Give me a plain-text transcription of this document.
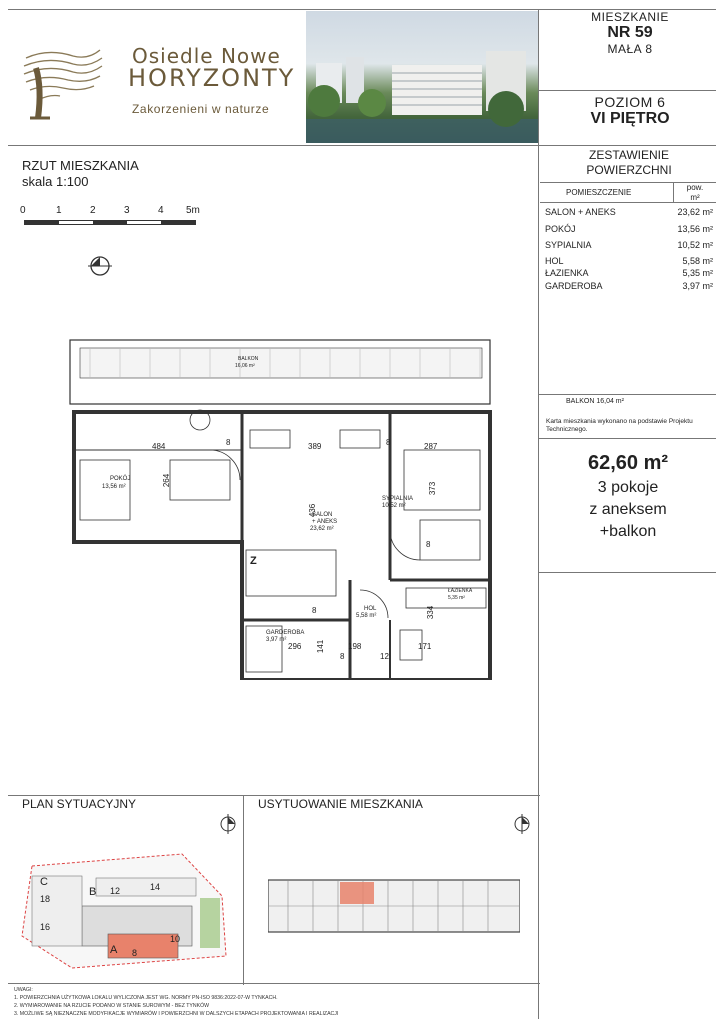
Osiedle Nowe
HORYZONTY
Zakorzenieni w naturze
MIESZKANIE
NR 59
MAŁA 8
POZIOM 6
VI PIĘTRO
ZESTAWIENIE
POWIERZCHNI
POMIESZCZENIE
pow.
m²
SALON + ANEKS	23,62 m²
POKÓJ	13,56 m²
SYPIALNIA	10,52 m²
HOL	5,58 m²
ŁAZIENKA	5,35 m²
GARDEROBA	3,97 m²
BALKON 16,04 m²
Karta mieszkania wykonano na podstawie Projektu Technicznego.
62,60 m²
3 pokoje
z aneksem
+balkon
RZUT MIESZKANIA
skala 1:100
0	1	2	3	4 5m
BALKON
16,06 m²
POKÓJ
13,56 m²
SALON
+ ANEKS
23,62 m²
SYPIALNIA
10,52 m²
ŁAZIENKA
5,35 m²
HOL
5,58 m²
GARDEROBA
3,97 m²
Z
484	389	287
264
436
373
296 141	198	171
334
8	8
8
8
8	12
PLAN SYTUACYJNY
A
B
C
8
10
12	14
16
18
USYTUOWANIE MIESZKANIA
UWAGI:
1. POWIERZCHNIA UŻYTKOWA LOKALU WYLICZONA JEST WG. NORMY PN-ISO 9836:2022-07-W TYNKACH.
2. WYMIAROWANIE NA RZUCIE PODANO W STANIE SUROWYM - BEZ TYNKÓW
3. MOŻLIWE SĄ NIEZNACZNE MODYFIKACJE WYMIARÓW I POWIERZCHNI W DALSZYCH ETAPACH PROJEKTOWANIA I REALIZACJI
